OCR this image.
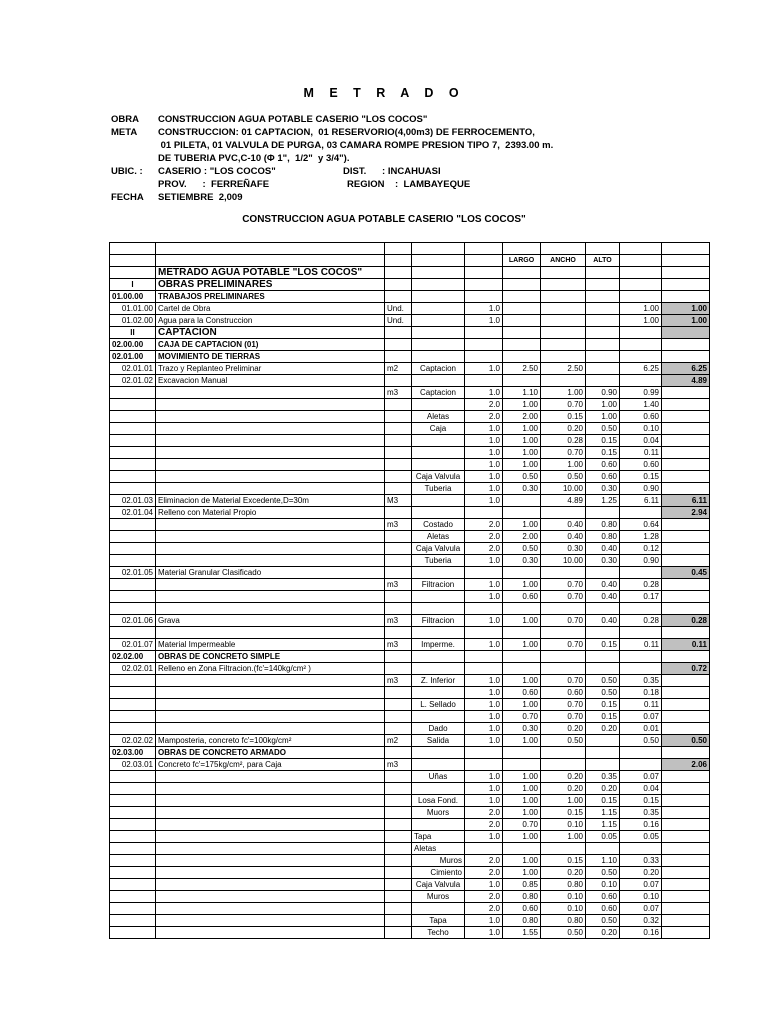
M E T R A D O
OBRA CONSTRUCCION AGUA POTABLE CASERIO "LOS COCOS"
META CONSTRUCCION: 01 CAPTACION,  01 RESERVORIO(4,00m3) DE FERROCEMENTO,
01 PILETA, 01 VALVULA DE PURGA, 03 CAMARA ROMPE PRESION TIPO 7,  2393.00 m.
DE TUBERIA PVC,C-10 (Φ 1",  1/2"  y 3/4").
UBIC. : CASERIO : "LOS COCOS"	DIST.      : INCAHUASI
PROV.      :  FERREÑAFE	REGION    :  LAMBAYEQUE
FECHA SETIEMBRE  2,009
CONSTRUCCION AGUA POTABLE CASERIO "LOS COCOS"

					LARGO	ANCHO	ALTO		
	METRADO AGUA POTABLE "LOS COCOS"								
I	OBRAS PRELIMINARES								
01.00.00	TRABAJOS PRELIMINARES								
01.01.00	Cartel de Obra	Und.		1.0				1.00	1.00
01.02.00	Agua para la Construccion	Und.		1.0				1.00	1.00
II	CAPTACION								
02.00.00	CAJA DE CAPTACION (01)								
02.01.00	MOVIMIENTO DE TIERRAS								
02.01.01	Trazo y Replanteo Preliminar	m2	Captacion	1.0	2.50	2.50		6.25	6.25
02.01.02	Excavacion Manual								4.89
		m3	Captacion	1.0	1.10	1.00	0.90	0.99	
				2.0	1.00	0.70	1.00	1.40	
			Aletas	2.0	2.00	0.15	1.00	0.60	
			Caja	1.0	1.00	0.20	0.50	0.10	
				1.0	1.00	0.28	0.15	0.04	
				1.0	1.00	0.70	0.15	0.11	
				1.0	1.00	1.00	0.60	0.60	
			Caja Valvula	1.0	0.50	0.50	0.60	0.15	
			Tuberia	1.0	0.30	10.00	0.30	0.90	
02.01.03	Eliminacion de Material Excedente,D=30m	M3		1.0		4.89	1.25	6.11	6.11
02.01.04	Relleno con Material Propio								2.94
		m3	Costado	2.0	1.00	0.40	0.80	0.64	
			Aletas	2.0	2.00	0.40	0.80	1.28	
			Caja Valvula	2.0	0.50	0.30	0.40	0.12	
			Tuberia	1.0	0.30	10.00	0.30	0.90	
02.01.05	Material Granular Clasificado								0.45
		m3	Filtracion	1.0	1.00	0.70	0.40	0.28	
				1.0	0.60	0.70	0.40	0.17	

02.01.06	Grava	m3	Filtracion	1.0	1.00	0.70	0.40	0.28	0.28

02.01.07	Material Impermeable	m3	Imperme.	1.0	1.00	0.70	0.15	0.11	0.11
02.02.00	OBRAS DE CONCRETO SIMPLE								
02.02.01	Relleno en Zona Filtracion.(fc'=140kg/cm² )								0.72
		m3	Z. Inferior	1.0	1.00	0.70	0.50	0.35	
				1.0	0.60	0.60	0.50	0.18	
			L. Sellado	1.0	1.00	0.70	0.15	0.11	
				1.0	0.70	0.70	0.15	0.07	
			Dado	1.0	0.30	0.20	0.20	0.01	
02.02.02	Mamposteria, concreto fc'=100kg/cm²	m2	Salida	1.0	1.00	0.50		0.50	0.50
02.03.00	OBRAS DE CONCRETO ARMADO								
02.03.01	Concreto fc'=175kg/cm², para Caja	m3							2.06
			Uñas	1.0	1.00	0.20	0.35	0.07	
				1.0	1.00	0.20	0.20	0.04	
			Losa Fond.	1.0	1.00	1.00	0.15	0.15	
			Muors	2.0	1.00	0.15	1.15	0.35	
				2.0	0.70	0.10	1.15	0.16	
			Tapa	1.0	1.00	1.00	0.05	0.05	
			Aletas						
			Muros	2.0	1.00	0.15	1.10	0.33	
			Cimiento	2.0	1.00	0.20	0.50	0.20	
			Caja Valvula	1.0	0.85	0.80	0.10	0.07	
			Muros	2.0	0.80	0.10	0.60	0.10	
				2.0	0.60	0.10	0.60	0.07	
			Tapa	1.0	0.80	0.80	0.50	0.32	
			Techo	1.0	1.55	0.50	0.20	0.16	
